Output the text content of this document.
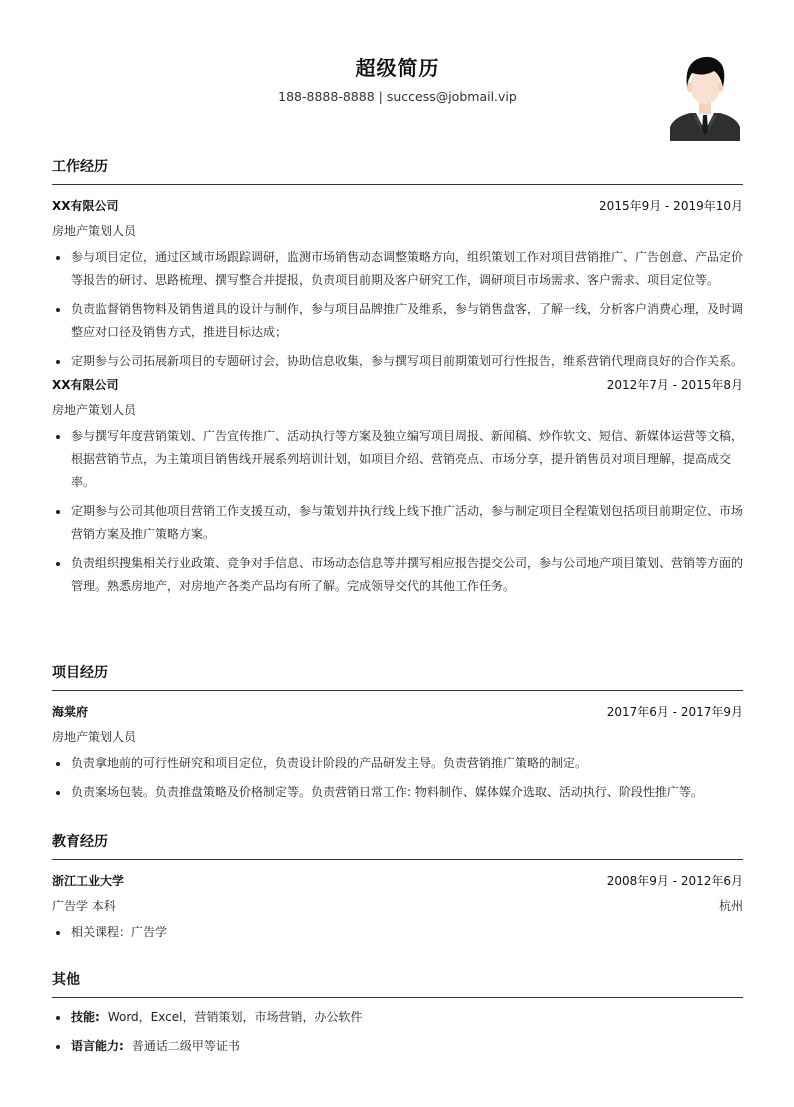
超级简历
188-8888-8888 | success@jobmail.vip
工作经历
XX有限公司	2015年9月 - 2019年10月
房地产策划人员
参与项目定位，通过区域市场跟踪调研，监测市场销售动态调整策略方向，组织策划工作对项目营销推广、广告创意、产品定价等报告的研讨、思路梳理、撰写整合并提报，负责项目前期及客户研究工作，调研项目市场需求、客户需求、项目定位等。
负责监督销售物料及销售道具的设计与制作，参与项目品牌推广及维系，参与销售盘客，了解一线，分析客户消费心理，及时调整应对口径及销售方式，推进目标达成；
定期参与公司拓展新项目的专题研讨会，协助信息收集，参与撰写项目前期策划可行性报告，维系营销代理商良好的合作关系。
XX有限公司	2012年7月 - 2015年8月
房地产策划人员
参与撰写年度营销策划、广告宣传推广、活动执行等方案及独立编写项目周报、新闻稿、炒作软文、短信、新媒体运营等文稿，根据营销节点，为主策项目销售线开展系列培训计划，如项目介绍、营销亮点、市场分享，提升销售员对项目理解，提高成交率。
定期参与公司其他项目营销工作支援互动，参与策划并执行线上线下推广活动，参与制定项目全程策划包括项目前期定位、市场营销方案及推广策略方案。
负责组织搜集相关行业政策、竞争对手信息、市场动态信息等并撰写相应报告提交公司，参与公司地产项目策划、营销等方面的管理。熟悉房地产，对房地产各类产品均有所了解。完成领导交代的其他工作任务。
项目经历
海棠府	2017年6月 - 2017年9月
房地产策划人员
负责拿地前的可行性研究和项目定位，负责设计阶段的产品研发主导。负责营销推广策略的制定。
负责案场包装。负责推盘策略及价格制定等。负责营销日常工作: 物料制作、媒体媒介选取、活动执行、阶段性推广等。
教育经历
浙江工业大学	2008年9月 - 2012年6月
广告学 本科	杭州
相关课程：广告学
其他
技能: Word，Excel，营销策划，市场营销，办公软件
语言能力: 普通话二级甲等证书
